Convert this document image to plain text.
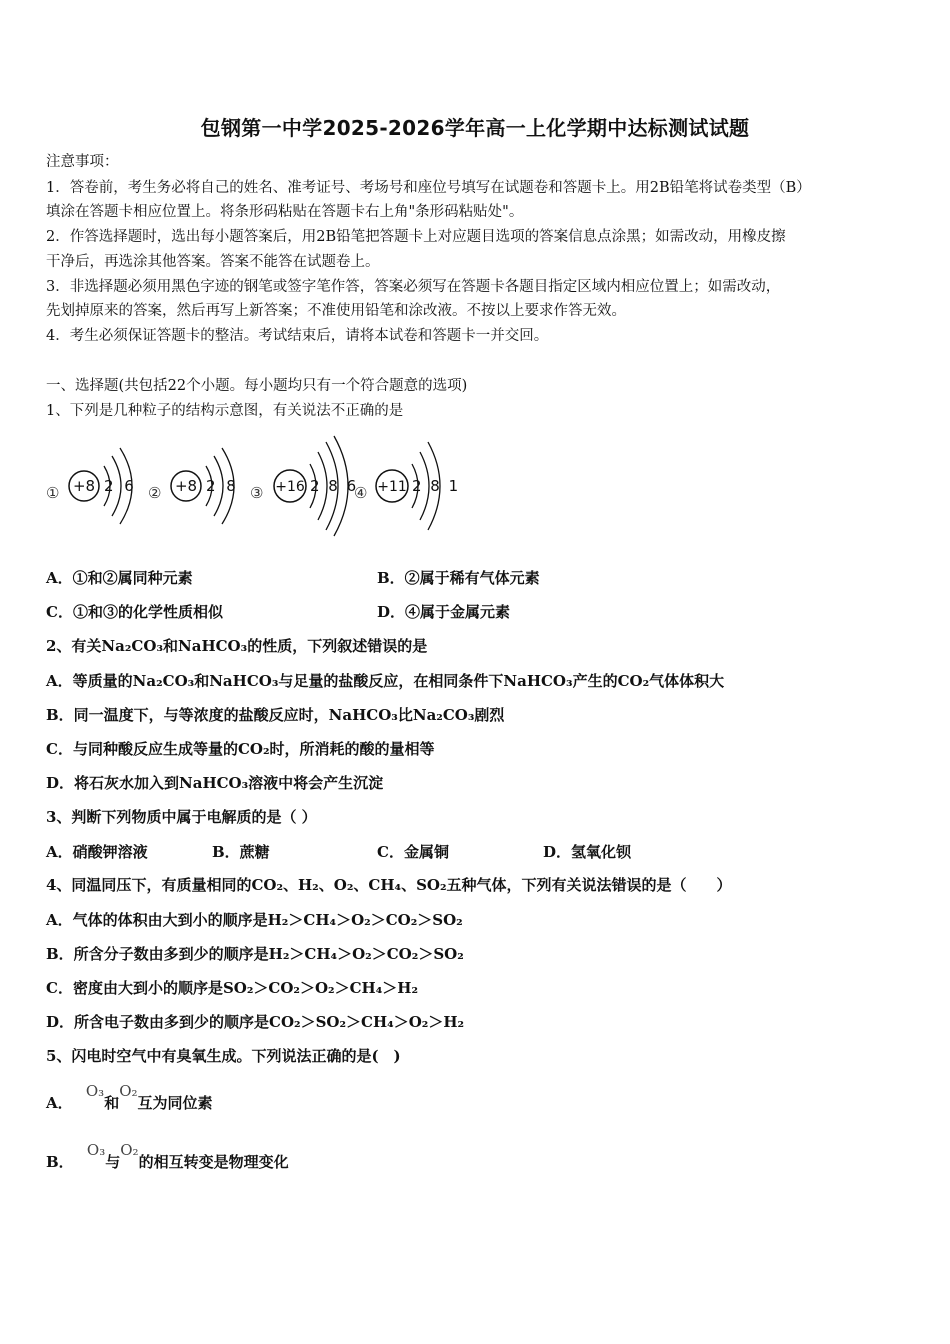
包钢第一中学2025-2026学年高一上化学期中达标测试试题
注意事项：
1．答卷前，考生务必将自己的姓名、准考证号、考场号和座位号填写在试题卷和答题卡上。用2B铅笔将试卷类型（B）
填涂在答题卡相应位置上。将条形码粘贴在答题卡右上角"条形码粘贴处"。
2．作答选择题时，选出每小题答案后，用2B铅笔把答题卡上对应题目选项的答案信息点涂黑；如需改动，用橡皮擦
干净后，再选涂其他答案。答案不能答在试题卷上。
3．非选择题必须用黑色字迹的钢笔或签字笔作答，答案必须写在答题卡各题目指定区域内相应位置上；如需改动，
先划掉原来的答案，然后再写上新答案；不准使用铅笔和涂改液。不按以上要求作答无效。
4．考生必须保证答题卡的整洁。考试结束后，请将本试卷和答题卡一并交回。
一、选择题(共包括22个小题。每小题均只有一个符合题意的选项)
1、下列是几种粒子的结构示意图，有关说法不正确的是
① +8 2 6 ② +8 2 8 ③ +16 2 8 6
④ +11 2 8 1
A．①和②属同种元素	B．②属于稀有气体元素
C．①和③的化学性质相似	D．④属于金属元素
2、有关Na₂CO₃和NaHCO₃的性质，下列叙述错误的是
A．等质量的Na₂CO₃和NaHCO₃与足量的盐酸反应，在相同条件下NaHCO₃产生的CO₂气体体积大
B．同一温度下，与等浓度的盐酸反应时，NaHCO₃比Na₂CO₃剧烈
C．与同种酸反应生成等量的CO₂时，所消耗的酸的量相等
D．将石灰水加入到NaHCO₃溶液中将会产生沉淀
3、判断下列物质中属于电解质的是（ ）
A．硝酸钾溶液	B．蔗糖	C．金属铜	D．氢氧化钡
4、同温同压下，有质量相同的CO₂、H₂、O₂、CH₄、SO₂五种气体，下列有关说法错误的是（　　）
A．气体的体积由大到小的顺序是H₂＞CH₄＞O₂＞CO₂＞SO₂
B．所含分子数由多到少的顺序是H₂＞CH₄＞O₂＞CO₂＞SO₂
C．密度由大到小的顺序是SO₂＞CO₂＞O₂＞CH₄＞H₂
D．所含电子数由多到少的顺序是CO₂＞SO₂＞CH₄＞O₂＞H₂
5、闪电时空气中有臭氧生成。下列说法正确的是(　)
A． O₃和O₂互为同位素
B． O₃与O₂的相互转变是物理变化
